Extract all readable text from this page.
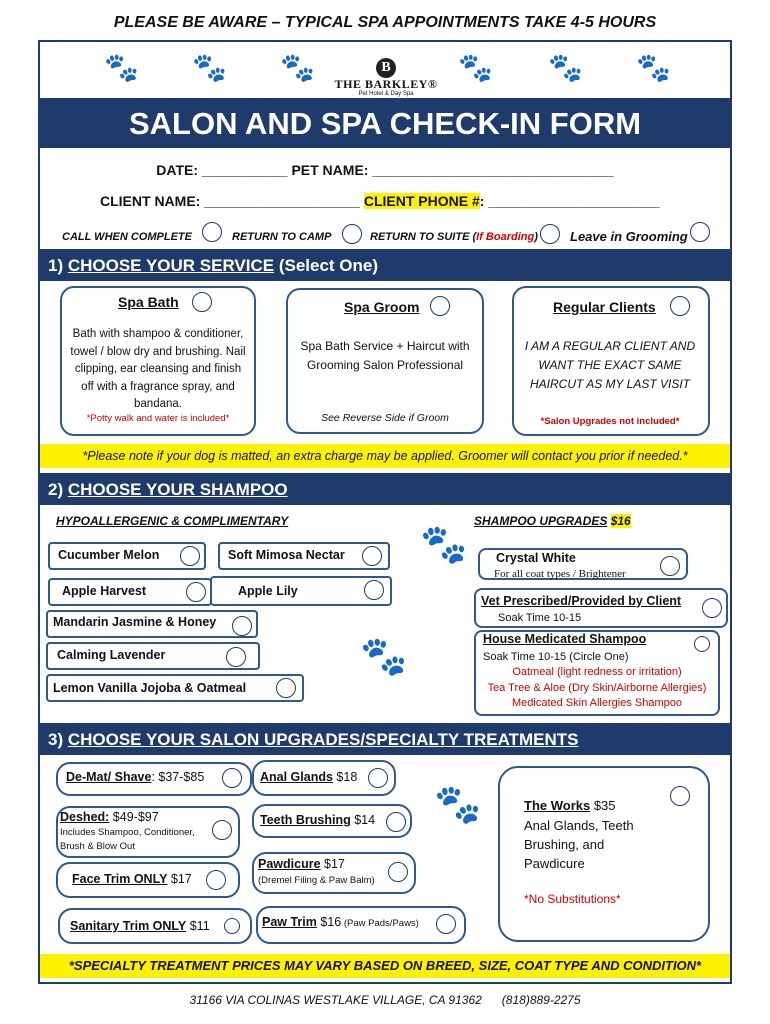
PLEASE BE AWARE – TYPICAL SPA APPOINTMENTS TAKE 4-5 HOURS
🐾 🐾 🐾	🐾 🐾 🐾
B
THE BARKLEY®
Pet Hotel & Day Spa
SALON AND SPA CHECK-IN FORM
DATE: ___________ PET NAME: _______________________________
CLIENT NAME: ____________________ CLIENT PHONE #: ______________________
CALL WHEN COMPLETE	RETURN TO CAMP	RETURN TO SUITE (If Boarding) Leave in Grooming
1) CHOOSE YOUR SERVICE (Select One)
Spa Bath
Bath with shampoo & conditioner, towel / blow dry and brushing. Nail clipping, ear cleansing and finish off with a fragrance spray, and bandana.
*Potty walk and water is included*
Spa Groom
Spa Bath Service + Haircut with Grooming Salon Professional
See Reverse Side if Groom
Regular Clients
I AM A REGULAR CLIENT AND WANT THE EXACT SAME HAIRCUT AS MY LAST VISIT
*Salon Upgrades not included*
*Please note if your dog is matted, an extra charge may be applied. Groomer will contact you prior if needed.*
2) CHOOSE YOUR SHAMPOO
HYPOALLERGENIC & COMPLIMENTARY	SHAMPOO UPGRADES $16
Cucumber Melon	Soft Mimosa Nectar
Apple Harvest	Apple Lily
Mandarin Jasmine & Honey
Calming Lavender
Lemon Vanilla Jojoba & Oatmeal
🐾
🐾
Crystal White
For all coat types / Brightener
Vet Prescribed/Provided by Client
Soak Time 10-15
House Medicated Shampoo
Soak Time 10-15 (Circle One)
Oatmeal (light redness or irritation)
Tea Tree & Aloe (Dry Skin/Airborne Allergies)
Medicated Skin Allergies Shampoo
3) CHOOSE YOUR SALON UPGRADES/SPECIALTY TREATMENTS
De-Mat/ Shave: $37-$85	Anal Glands $18
Deshed: $49-$97
Includes Shampoo, Conditioner, Brush & Blow Out
Teeth Brushing $14
Pawdicure $17
(Dremel Filing & Paw Balm)
Face Trim ONLY $17
Sanitary Trim ONLY $11	Paw Trim $16 (Paw Pads/Paws)
🐾	The Works $35
Anal Glands, Teeth Brushing, and Pawdicure
*No Substitutions*
*SPECIALTY TREATMENT PRICES MAY VARY BASED ON BREED, SIZE, COAT TYPE AND CONDITION*
31166 VIA COLINAS WESTLAKE VILLAGE, CA 91362      (818)889-2275
